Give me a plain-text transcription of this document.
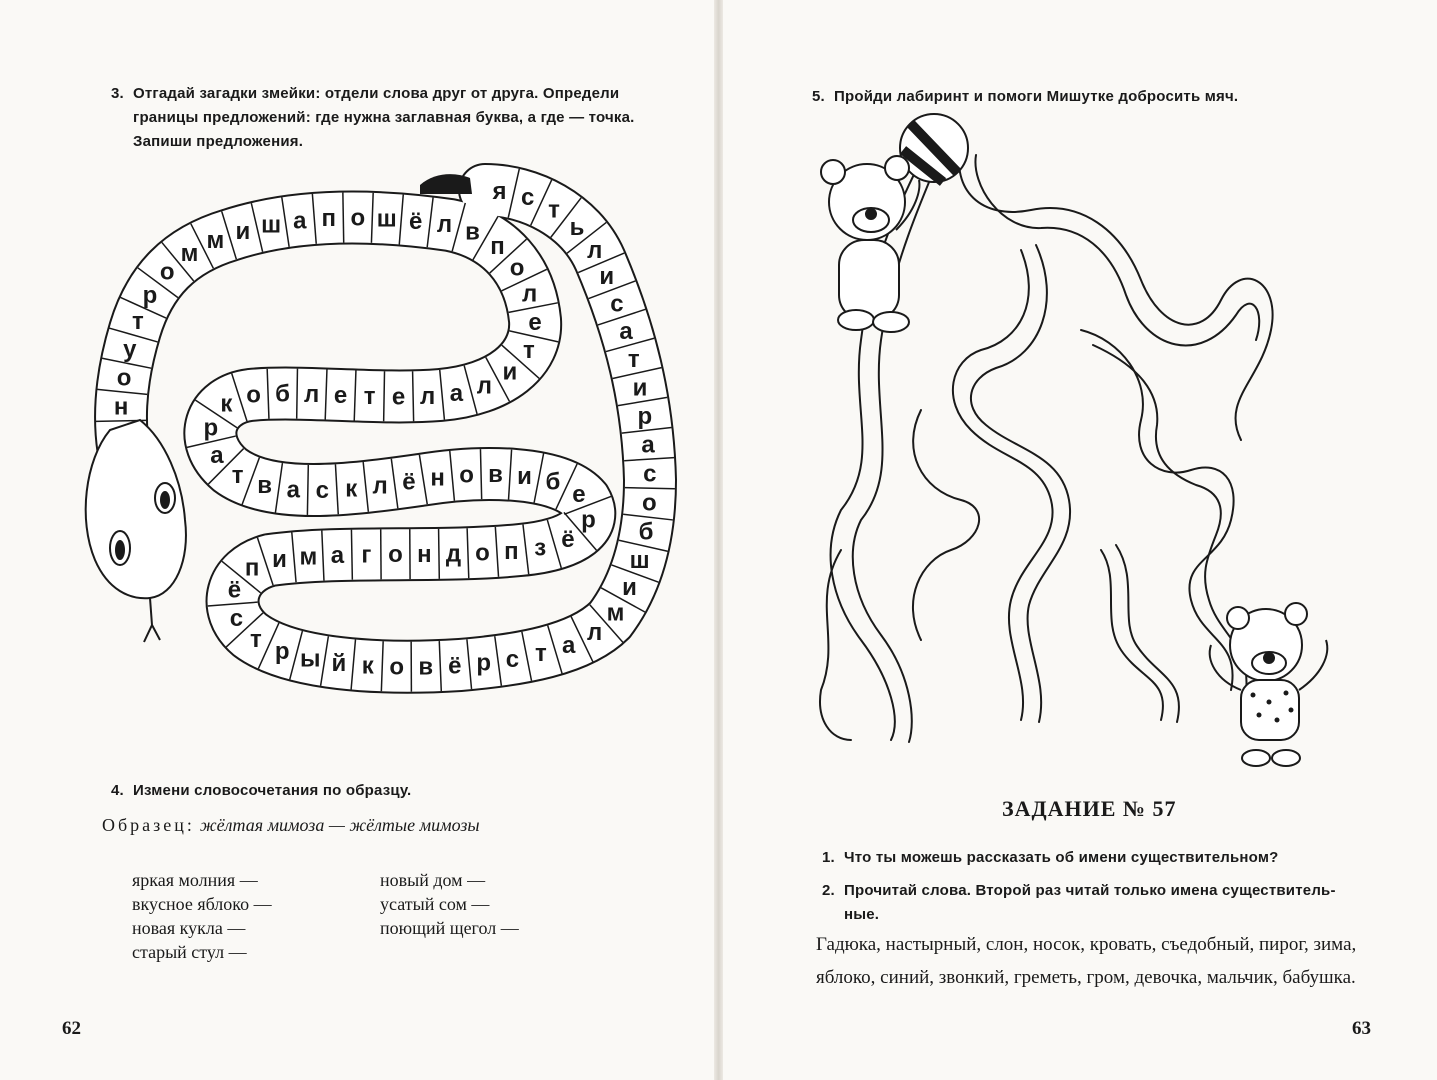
3. Отгадай загадки змейки: отдели слова друг от друга. Определи
границы предложений: где нужна заглавная буква, а где — точка.
Запиши предложения.
н
о
у
т
р
о
м м и ш а п о ш ё л в
п
о
л
е
т
и
л
а
л
е
т
е
л
б
о
к
р
а
т в а с к л ё н о в и б е
р
ё
з
п
о
д
н
о
г
а
м
и
п
ё
с
т р ы й к о в ё р с т а л
м
и
ш
б
о
с
а
р
и
т
а
с
и
л
ь
т
с
я
4. Измени словосочетания по образцу.
Образец: жёлтая мимоза — жёлтые мимозы
яркая молния —
вкусное яблоко —
новая кукла —
старый стул —
новый дом —
усатый сом —
поющий щегол —
62
5. Пройди лабиринт и помоги Мишутке добросить мяч.
ЗАДАНИЕ № 57
1. Что ты можешь рассказать об имени существительном?
2. Прочитай слова. Второй раз читай только имена существитель-
ные.
Гадюка, настырный, слон, носок, кровать, съедобный, пирог, зима, яблоко, синий, звонкий, греметь, гром, девочка, мальчик, бабушка.
63
